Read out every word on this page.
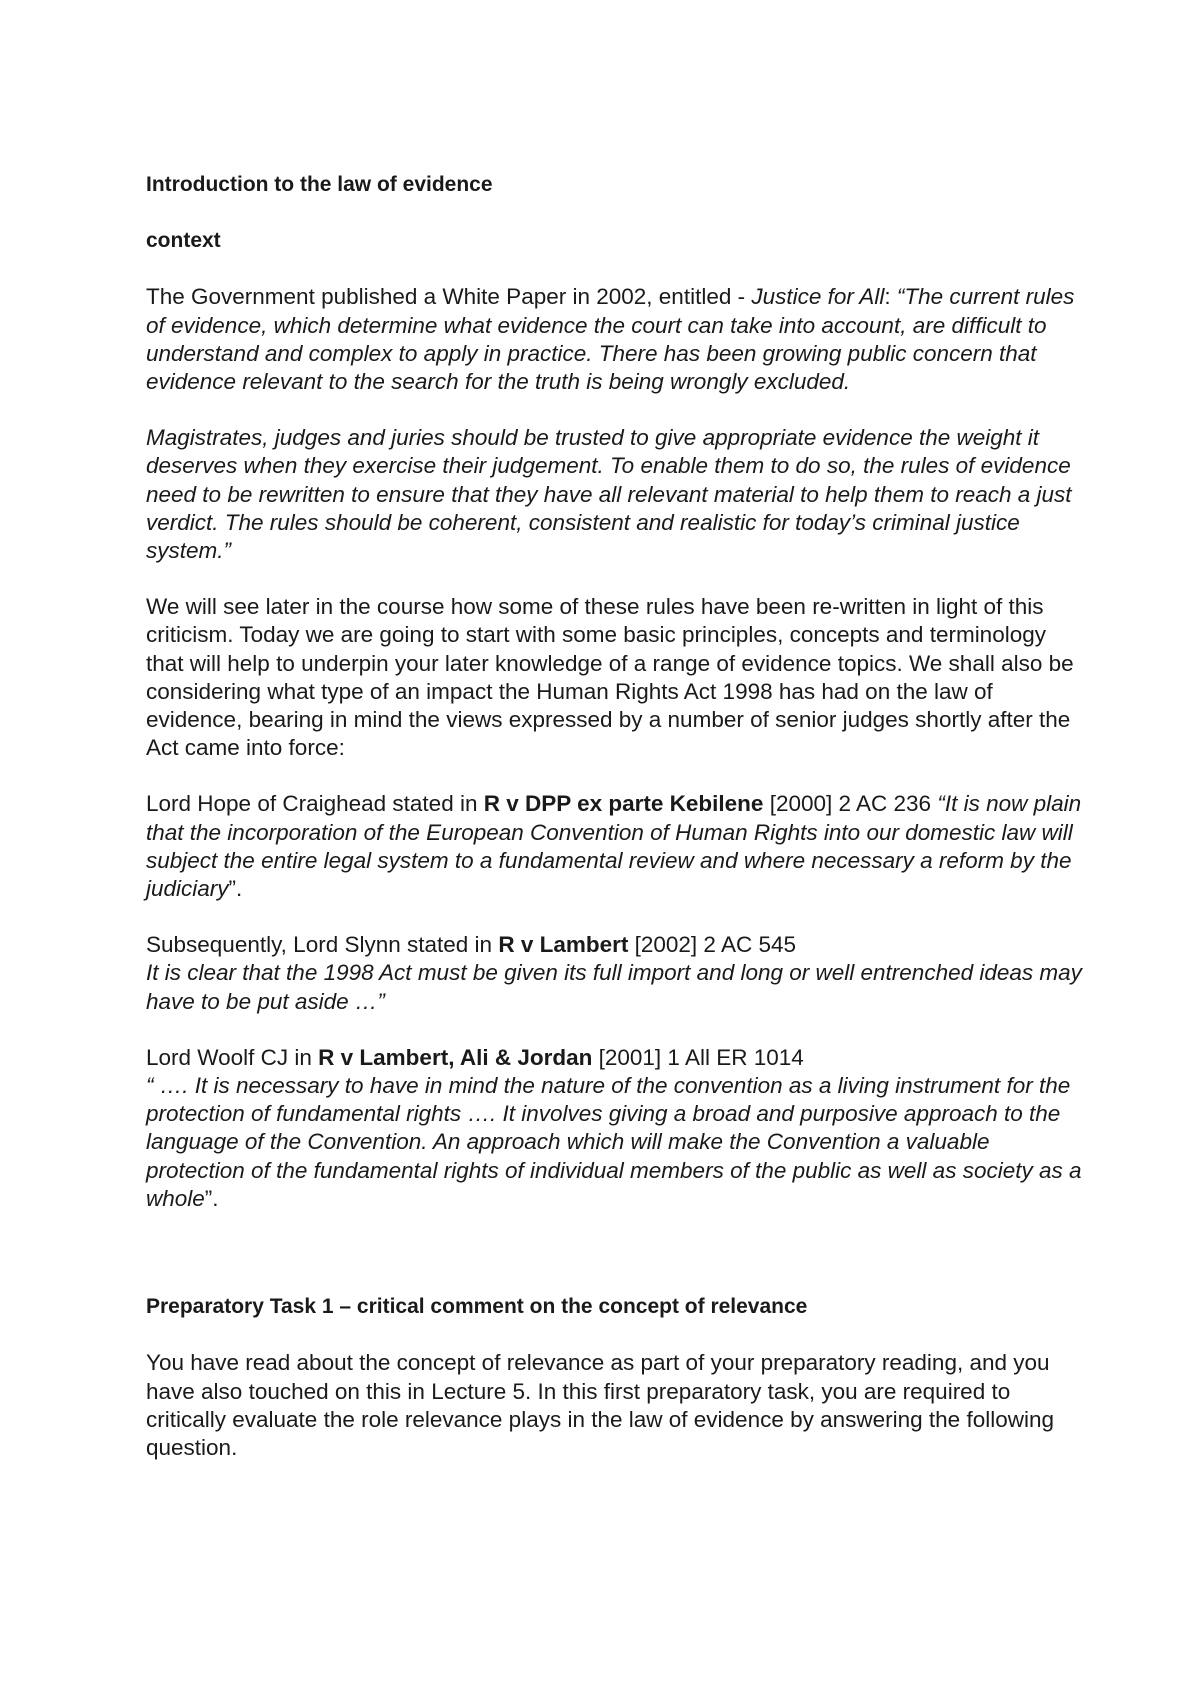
Introduction to the law of evidence

context

The Government published a White Paper in 2002, entitled - Justice for All: “The current rules of evidence, which determine what evidence the court can take into account, are difficult to understand and complex to apply in practice. There has been growing public concern that evidence relevant to the search for the truth is being wrongly excluded.

Magistrates, judges and juries should be trusted to give appropriate evidence the weight it deserves when they exercise their judgement. To enable them to do so, the rules of evidence need to be rewritten to ensure that they have all relevant material to help them to reach a just verdict. The rules should be coherent, consistent and realistic for today’s criminal justice system.”

We will see later in the course how some of these rules have been re-written in light of this criticism. Today we are going to start with some basic principles, concepts and terminology that will help to underpin your later knowledge of a range of evidence topics. We shall also be considering what type of an impact the Human Rights Act 1998 has had on the law of evidence, bearing in mind the views expressed by a number of senior judges shortly after the Act came into force:

Lord Hope of Craighead stated in R v DPP ex parte Kebilene [2000] 2 AC 236 “It is now plain that the incorporation of the European Convention of Human Rights into our domestic law will subject the entire legal system to a fundamental review and where necessary a reform by the judiciary”.

Subsequently, Lord Slynn stated in R v Lambert [2002] 2 AC 545
It is clear that the 1998 Act must be given its full import and long or well entrenched ideas may have to be put aside …”

Lord Woolf CJ in R v Lambert, Ali & Jordan [2001] 1 All ER 1014
“ …. It is necessary to have in mind the nature of the convention as a living instrument for the protection of fundamental rights …. It involves giving a broad and purposive approach to the language of the Convention. An approach which will make the Convention a valuable protection of the fundamental rights of individual members of the public as well as society as a whole”.

Preparatory Task 1 – critical comment on the concept of relevance

You have read about the concept of relevance as part of your preparatory reading, and you have also touched on this in Lecture 5. In this first preparatory task, you are required to critically evaluate the role relevance plays in the law of evidence by answering the following question.
